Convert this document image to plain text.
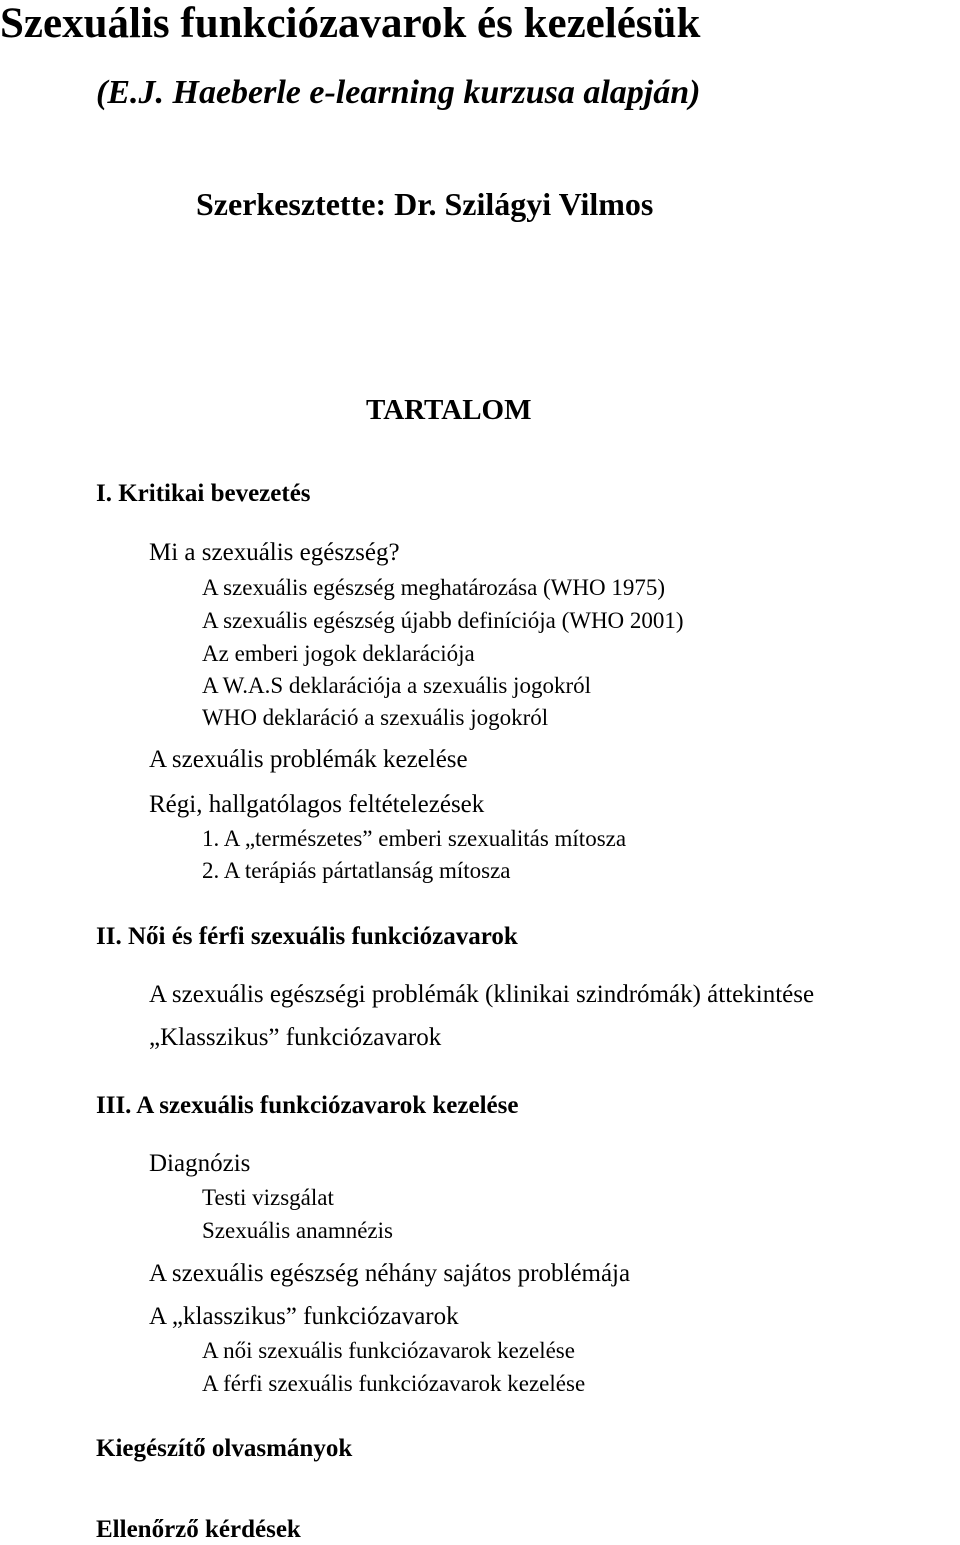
Szexuális funkciózavarok és kezelésük
(E.J. Haeberle e-learning kurzusa alapján)
Szerkesztette: Dr. Szilágyi Vilmos
TARTALOM
I. Kritikai bevezetés
Mi a szexuális egészség?
A szexuális egészség meghatározása (WHO 1975)
A szexuális egészség újabb definíciója (WHO 2001)
Az emberi jogok deklarációja
A W.A.S deklarációja a szexuális jogokról
WHO deklaráció a szexuális jogokról
A szexuális problémák kezelése
Régi, hallgatólagos feltételezések
1. A „természetes” emberi szexualitás mítosza
2. A terápiás pártatlanság mítosza
II. Női és férfi szexuális funkciózavarok
A szexuális egészségi problémák (klinikai szindrómák) áttekintése
„Klasszikus” funkciózavarok
III. A szexuális funkciózavarok kezelése
Diagnózis
Testi vizsgálat
Szexuális anamnézis
A szexuális egészség néhány sajátos problémája
A „klasszikus” funkciózavarok
A női szexuális funkciózavarok kezelése
A férfi szexuális funkciózavarok kezelése
Kiegészítő olvasmányok
Ellenőrző kérdések
